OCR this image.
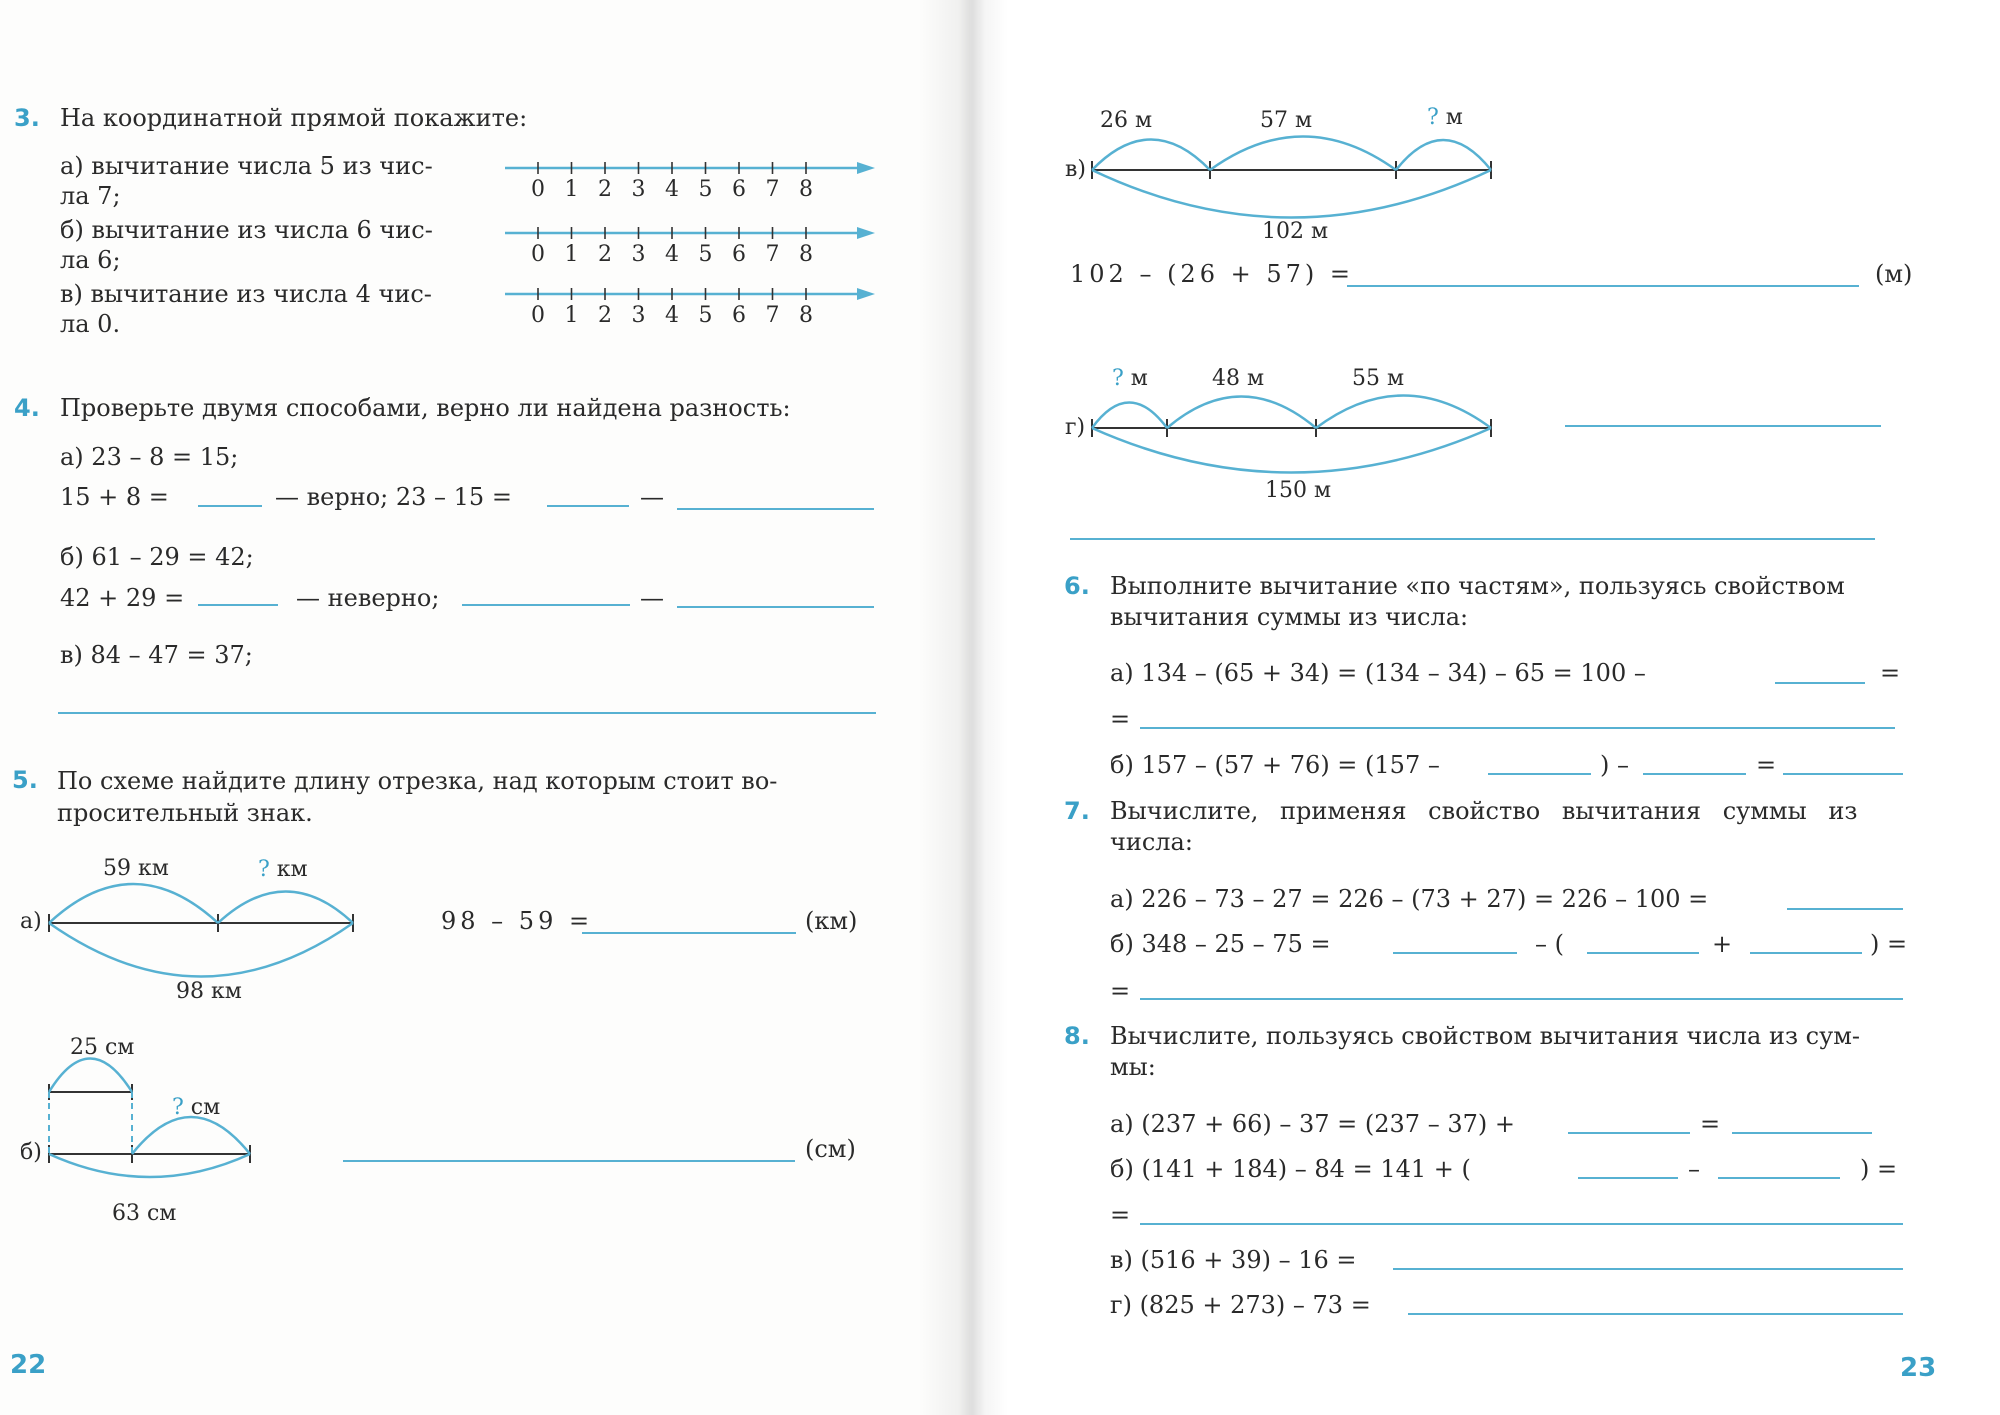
3. На координатной прямой покажите:
а) вычитание числа 5 из чис-
ла 7;
б) вычитание из числа 6 чис-
ла 6;
в) вычитание из числа 4 чис-
ла 0.
0 1 2 3 4 5 6 7 8
0 1 2 3 4 5 6 7 8
0 1 2 3 4 5 6 7 8
4. Проверьте двумя способами, верно ли найдена разность:
а) 23 – 8 = 15;
15 + 8 =	— верно; 23 – 15 =	—
б) 61 – 29 = 42;
42 + 29 =	— неверно;	—
в) 84 – 47 = 37;
5. По схеме найдите длину отрезка, над которым стоит во-
просительный знак.
а)
59 км	? км
98 км
98 – 59 =	(км)
б)
25 см
? см
63 см
(см)
22
в)
26 м	57 м	? м
102 м
102 – (26 + 57) =	(м)
г)
? м	48 м	55 м
150 м
6. Выполните вычитание «по частям», пользуясь свойством
вычитания суммы из числа:
а) 134 – (65 + 34) = (134 – 34) – 65 = 100 –	=
=
б) 157 – (57 + 76) = (157 –	) –	=
7. Вычислите, применяя свойство вычитания суммы из
числа:
а) 226 – 73 – 27 = 226 – (73 + 27) = 226 – 100 =
б) 348 – 25 – 75 =	– (	+	) =
=
8. Вычислите, пользуясь свойством вычитания числа из сум-
мы:
а) (237 + 66) – 37 = (237 – 37) +	=
б) (141 + 184) – 84 = 141 + (	–	) =
=
в) (516 + 39) – 16 =
г) (825 + 273) – 73 =
23
